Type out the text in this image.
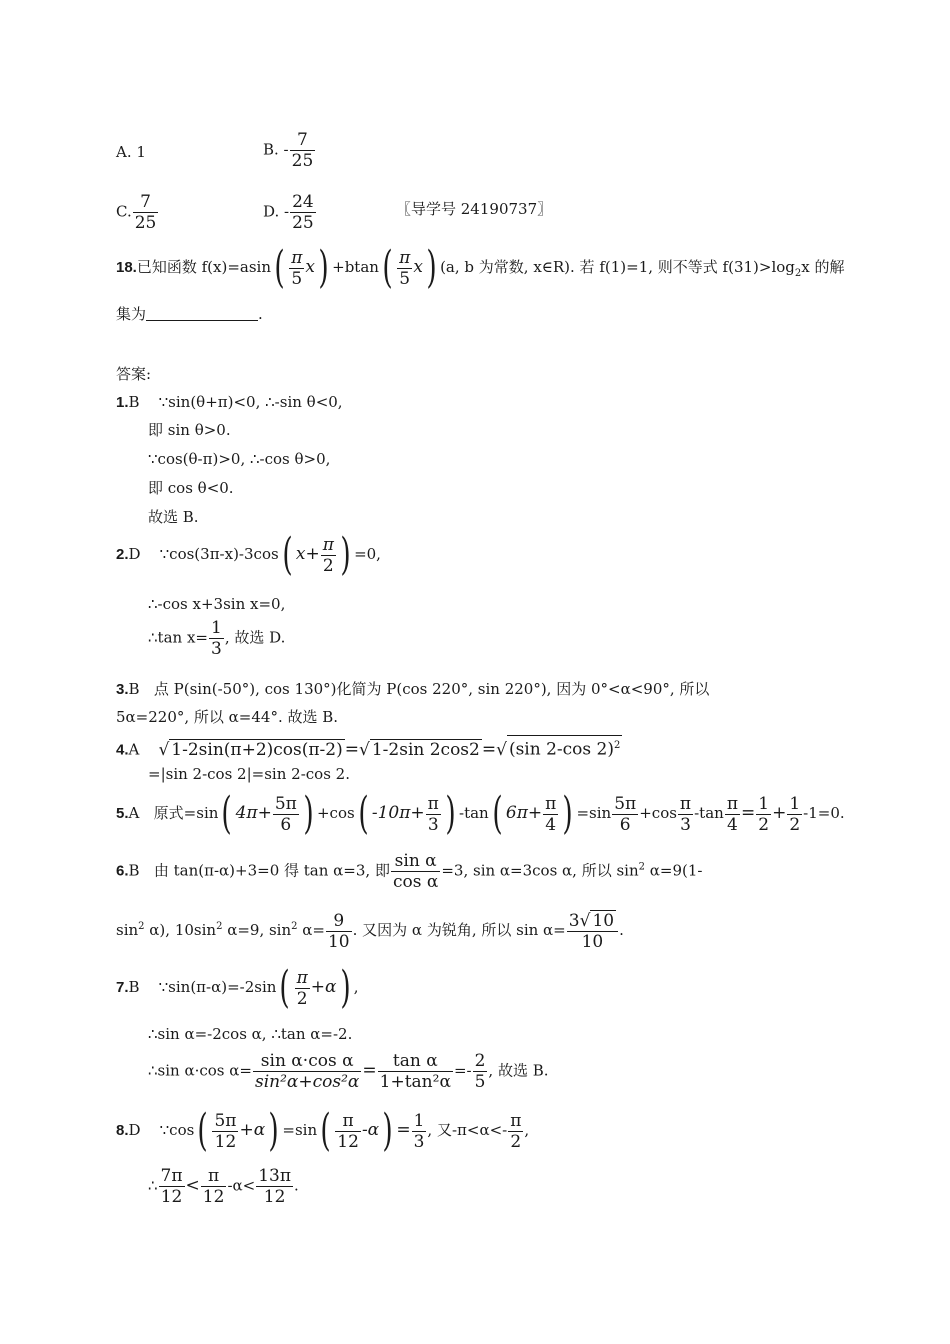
A. 1	B. - $\frac{7}{25}$
C. $\frac{7}{25}$	D. - $\frac{24}{25}$	〖导学号 24190737〗
18.已知函数 $f(x)=asin( \frac{\pi}{5} x) +btan( \frac{\pi}{5} x)$ (a, b 为常数, x∈R). 若 f(1)=1, 则不等式 $f(31)>\log_2x$ 的解
集为	.
答案:
1.B ∵sin(θ+π)<0, ∴-sin θ<0,
即 sin θ>0.
∵cos(θ-π)>0, ∴-cos θ>0,
即 cos θ<0.
故选 B.
2.D ∵cos(3π-x)-3cos( $x+ \frac{\pi}{2}$ ) =0,
∴-cos x+3sin x=0,
∴tan $x= \frac{1}{3}$ , 故选 D.
3.B 点 P(sin(-50°), cos 130°)化简为 P(cos 220°, sin 220°), 因为 0°<α<90°, 所以
5α=220°, 所以 α=44°. 故选 B.
4.A √ 1-2sin(π+2)cos(π-2) =√ 1-2sin 2cos2 =√ (sin 2-cos 2)$^2$
=|sin 2-cos 2|=sin 2-cos 2.
5.A 原式=sin( $4\pi+ \frac{5\pi}{6}$ ) +cos( $-10\pi+ \frac{\pi}{3}$ ) -tan( $6\pi+ \frac{\pi}{4}$ ) $=\sin \frac{5\pi}{6} +\cos \frac{\pi}{3} -\tan \frac{\pi}{4} = \frac{1}{2} + \frac{1}{2} -1=0$.
6.B 由 tan(π-α)+3=0 得 tan α=3, 即 $\frac{\text{sin α}}{\text{cos α}} =3$, sin α=3cos α, 所以 $\sin^2 \alpha=9(1-$
$\sin^2 \alpha$), $10\sin^2$ α=9, $\sin^2 \alpha= \frac{9}{10}$ . 又因为 α 为锐角, 所以 $\sin \alpha= \frac{3√ 10}{10}$ .
7.B ∵sin(π-α)=-2sin( $\frac{\pi}{2} +\alpha$) ,
∴sin α=-2cos α, ∴tan α=-2.
∴sin α·cos $\alpha= \frac{\text{sin α·cos α}}{\text{sin²α+cos²α}} = \frac{\text{tan α}}{\text{1+tan²α}} =- \frac{2}{5}$ , 故选 B.
8.D ∵cos( $\frac{5\pi}{12} +\alpha) =\sin( \frac{\pi}{12} -\alpha) = \frac{1}{3}$ , 又$-\pi<\alpha<- \frac{\pi}{2}$ ,
∴ $\frac{7\pi}{12} < \frac{\pi}{12} -\alpha< \frac{13\pi}{12}$ .
